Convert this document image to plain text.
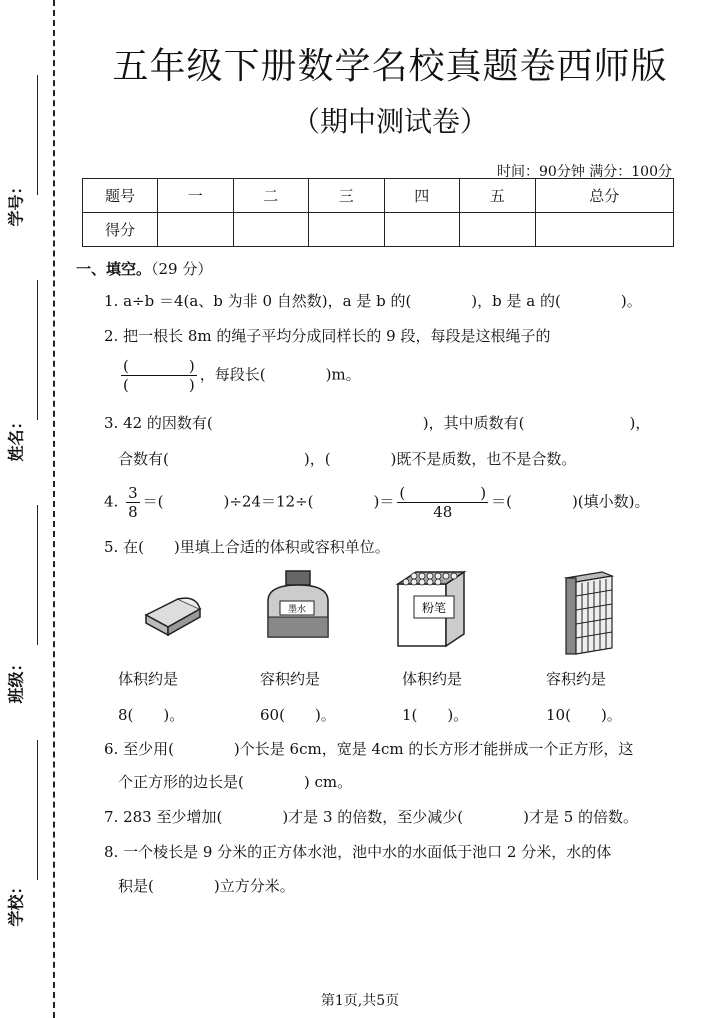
学号：
姓名：
班级：
学校：
五年级下册数学名校真题卷西师版
（期中测试卷）
时间：90分钟 满分：100分
题号	一	二	三	四	五	总分
得分						
一、填空。（29 分）
1. a÷b ＝4(a、b 为非 0 自然数)，a 是 b 的(　　　　)，b 是 a 的(　　　　)。
2. 把一根长 8m 的绳子平均分成同样长的 9 段，每段是这根绳子的
$\frac{( )}{( )}$ ，每段长(　　　　)m。
3. 42 的因数有(　　　　　　　　　　　　　　)，其中质数有(　　　　　　　)，
合数有(　　　　　　　　　)，(　　　　)既不是质数，也不是合数。
4. $\frac{3}{8}$ ＝(　　　　)÷24＝12÷(　　　　)＝ $\frac{( )}{48}$ ＝(　　　　)(填小数)。
5. 在(　　)里填上合适的体积或容积单位。
墨水	粉笔
体积约是
8(　　)。
容积约是
60(　　)。
体积约是
1(　　)。
容积约是
10(　　)。
6. 至少用(　　　　)个长是 6cm，宽是 4cm 的长方形才能拼成一个正方形，这
个正方形的边长是(　　　　) cm。
7. 283 至少增加(　　　　)才是 3 的倍数，至少减少(　　　　)才是 5 的倍数。
8. 一个棱长是 9 分米的正方体水池，池中水的水面低于池口 2 分米，水的体
积是(　　　　)立方分米。
第1页,共5页
